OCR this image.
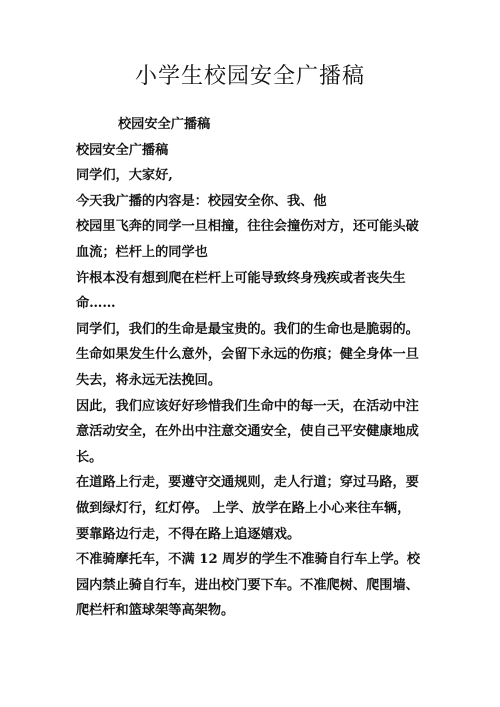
小学生校园安全广播稿
校园安全广播稿
校园安全广播稿
同学们，大家好,
今天我广播的内容是：校园安全你、我、他
校园里飞奔的同学一旦相撞，往往会撞伤对方，还可能头破
血流；栏杆上的同学也
许根本没有想到爬在栏杆上可能导致终身残疾或者丧失生
命……
同学们，我们的生命是最宝贵的。我们的生命也是脆弱的。
生命如果发生什么意外，会留下永远的伤痕；健全身体一旦
失去，将永远无法挽回。
因此，我们应该好好珍惜我们生命中的每一天，在活动中注
意活动安全，在外出中注意交通安全，使自己平安健康地成
长。
在道路上行走，要遵守交通规则，走人行道；穿过马路，要
做到绿灯行，红灯停。 上学、放学在路上小心来往车辆，
要靠路边行走，不得在路上追逐嬉戏。
不准骑摩托车，不满 12 周岁的学生不准骑自行车上学。校
园内禁止骑自行车，进出校门要下车。不准爬树、爬围墙、
爬栏杆和篮球架等高架物。
